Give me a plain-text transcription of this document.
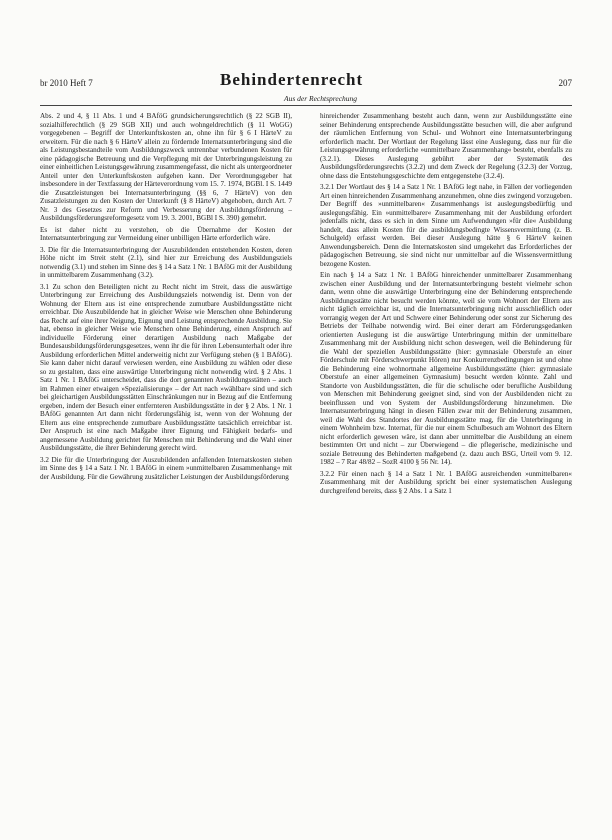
br 2010 Heft 7	Behindertenrecht	207
Aus der Rechtsprechung

Abs. 2 und 4, § 11 Abs. 1 und 4 BAföG grundsicherungsrechtlich (§ 22 SGB II), sozialhilferechtlich (§ 29 SGB XII) und auch wohngeldrechtlich (§ 11 WoGG) vorgegebenen – Begriff der Unterkunftskosten an, ohne ihn für § 6 I HärteV zu erweitern. Für die nach § 6 HärteV allein zu fördernde Internatsunterbringung sind die als Leistungsbestandteile vom Ausbildungszweck untrennbar verbundenen Kosten für eine pädagogische Betreuung und die Verpflegung mit der Unterbringungsleistung zu einer einheitlichen Leistungsgewährung zusammengefasst, die nicht als untergeordneter Anteil unter den Unterkunftskosten aufgehen kann. Der Verordnungsgeber hat insbesondere in der Textfassung der Härteverordnung vom 15. 7. 1974, BGBl. I S. 1449 die Zusatzleistungen bei Internatsunterbringung (§§ 6, 7 HärteV) von den Zusatzleistungen zu den Kosten der Unterkunft (§ 8 HärteV) abgehoben, durch Art. 7 Nr. 3 des Gesetzes zur Reform und Verbesserung der Ausbildungsförderung – Ausbildungsförderungsreformgesetz vom 19. 3. 2001, BGBl I S. 390) gemehrt.

Es ist daher nicht zu verstehen, ob die Übernahme der Kosten der Internatsunterbringung zur Vermeidung einer unbilligen Härte erforderlich wäre.

3. Die für die Internatsunterbringung der Auszubildenden entstehenden Kosten, deren Höhe nicht im Streit steht (2.1), sind hier zur Erreichung des Ausbildungsziels notwendig (3.1) und stehen im Sinne des § 14 a Satz 1 Nr. 1 BAföG mit der Ausbildung in unmittelbarem Zusammenhang (3.2).

3.1 Zu schon den Beteiligten nicht zu Recht nicht im Streit, dass die auswärtige Unterbringung zur Erreichung des Ausbildungsziels notwendig ist. Denn von der Wohnung der Eltern aus ist eine entsprechende zumutbare Ausbildungsstätte nicht erreichbar. Die Auszubildende hat in gleicher Weise wie Menschen ohne Behinderung das Recht auf eine ihrer Neigung, Eignung und Leistung entsprechende Ausbildung. Sie hat, ebenso in gleicher Weise wie Menschen ohne Behinderung, einen Anspruch auf individuelle Förderung einer derartigen Ausbildung nach Maßgabe der Bundesausbildungsförderungsgesetzes, wenn ihr die für ihren Lebensunterhalt oder ihre Ausbildung erforderlichen Mittel anderweitig nicht zur Verfügung stehen (§ 1 BAföG). Sie kann daher nicht darauf verwiesen werden, eine Ausbildung zu wählen oder diese so zu gestalten, dass eine auswärtige Unterbringung nicht notwendig wird. § 2 Abs. 1 Satz 1 Nr. 1 BAföG unterscheidet, dass die dort genannten Ausbildungsstätten – auch im Rahmen einer etwaigen »Spezialisierung« – der Art nach »wählbar« sind und sich bei gleichartigen Ausbildungsstätten Einschränkungen nur in Bezug auf die Entfernung ergeben, indem der Besuch einer entfernteren Ausbildungsstätte in der § 2 Abs. 1 Nr. 1 BAföG genannten Art dann nicht förderungsfähig ist, wenn von der Wohnung der Eltern aus eine entsprechende zumutbare Ausbildungsstätte tatsächlich erreichbar ist. Der Anspruch ist eine nach Maßgabe ihrer Eignung und Fähigkeit bedarfs- und angemessene Ausbildung gerichtet für Menschen mit Behinderung und die Wahl einer Ausbildungsstätte, die ihrer Behinderung gerecht wird.

3.2 Die für die Unterbringung der Auszubildenden anfallenden Internatskosten stehen im Sinne des § 14 a Satz 1 Nr. 1 BAföG in einem »unmittelbaren Zusammenhang« mit der Ausbildung. Für die Gewährung zusätzlicher Leistungen der Ausbildungsförderung

hinreichender Zusammenhang besteht auch dann, wenn zur Ausbildungsstätte eine seiner Behinderung entsprechende Ausbildungsstätte besuchen will, die aber aufgrund der räumlichen Entfernung von Schul- und Wohnort eine Internatsunterbringung erforderlich macht. Der Wortlaut der Regelung lässt eine Auslegung, dass nur für die Leistungsgewährung erforderliche »unmittelbare Zusammenhang« besteht, ebenfalls zu (3.2.1). Dieses Auslegung gebührt aber der Systematik des Ausbildungsförderungsrechts (3.2.2) und dem Zweck der Regelung (3.2.3) der Vorzug, ohne dass die Entstehungsgeschichte dem entgegenstehe (3.2.4).

3.2.1 Der Wortlaut des § 14 a Satz 1 Nr. 1 BAföG legt nahe, in Fällen der vorliegenden Art einen hinreichenden Zusammenhang anzunehmen, ohne dies zwingend vorzugeben. Der Begriff des »unmittelbaren« Zusammenhangs ist auslegungsbedürftig und auslegungsfähig. Ein »unmittelbarer« Zusammenhang mit der Ausbildung erfordert jedenfalls nicht, dass es sich in dem Sinne um Aufwendungen »für die« Ausbildung handelt, dass allein Kosten für die ausbildungsbedingte Wissensvermittlung (z. B. Schulgeld) erfasst werden. Bei dieser Auslegung hätte § 6 HärteV keinen Anwendungsbereich. Denn die Internatskosten sind umgekehrt das Erforderliches der pädagogischen Betreuung, sie sind nicht nur unmittelbar auf die Wissensvermittlung bezogene Kosten.

Ein nach § 14 a Satz 1 Nr. 1 BAföG hinreichender unmittelbarer Zusammenhang zwischen einer Ausbildung und der Internatsunterbringung besteht vielmehr schon dann, wenn ohne die auswärtige Unterbringung eine der Behinderung entsprechende Ausbildungsstätte nicht besucht werden könnte, weil sie vom Wohnort der Eltern aus nicht täglich erreichbar ist, und die Internatsunterbringung nicht ausschließlich oder vorrangig wegen der Art und Schwere einer Behinderung oder sonst zur Sicherung des Betriebs der Teilhabe notwendig wird. Bei einer derart am Förderungsgedanken orientierten Auslegung ist die auswärtige Unterbringung mithin der unmittelbare Zusammenhang mit der Ausbildung nicht schon deswegen, weil die Behinderung für die Wahl der speziellen Ausbildungsstätte (hier: gymnasiale Oberstufe an einer Förderschule mit Förderschwerpunkt Hören) nur Konkurrenzbedingungen ist und ohne die Behinderung eine wohnortnahe allgemeine Ausbildungsstätte (hier: gymnasiale Oberstufe an einer allgemeinen Gymnasium) besucht werden könnte. Zahl und Standorte von Ausbildungsstätten, die für die schulische oder berufliche Ausbildung von Menschen mit Behinderung geeignet sind, sind von der Ausbildenden nicht zu beeinflussen und von System der Ausbildungsförderung hinzunehmen. Die Internatsunterbringung hängt in diesen Fällen zwar mit der Behinderung zusammen, weil die Wahl des Standortes der Ausbildungsstätte mag, für die Unterbringung in einem Wohnheim bzw. Internat, für die nur einem Schulbesuch am Wohnort des Eltern nicht erforderlich gewesen wäre, ist dann aber unmittelbar die Ausbildung an einem bestimmten Ort und nicht – zur Überwiegend – die pflegerische, medizinische und soziale Betreuung des Behinderten maßgebend (z. dazu auch BSG, Urteil vom 9. 12. 1982 – 7 Rar 48/82 – SozR 4100 § 56 Nr. 14).

3.2.2 Für einen nach § 14 a Satz 1 Nr. 1 BAföG ausreichenden »unmittelbaren« Zusammenhang mit der Ausbildung spricht bei einer systematischen Auslegung durchgreifend bereits, dass § 2 Abs. 1 a Satz 1
